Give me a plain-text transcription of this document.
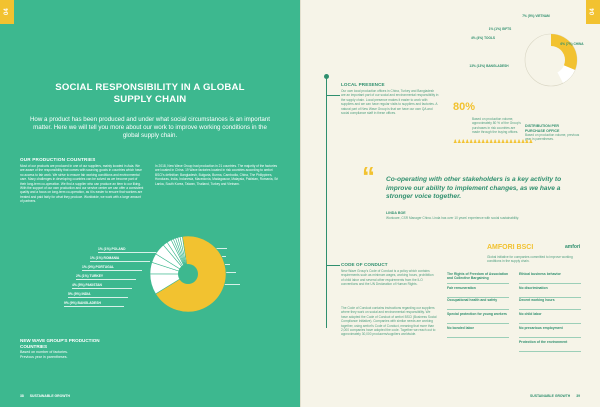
04
SOCIAL RESPONSIBILITY IN A GLOBAL
SUPPLY CHAIN
How a product has been produced and under what social circumstances is an important matter. Here we will tell you more about our work to improve working conditions in the global supply chain.
OUR PRODUCTION COUNTRIES
Most of our products are produced in one of our suppliers, mainly located in Asia. We are aware of the responsibility that comes with sourcing goods in countries which have no access to fair work. We strive to ensure fair working conditions and environmental care. Many challenges in developing countries can be solved as we become part of their long-term co-operation. We find a supplier who can produce an item to our liking. With the support of our own production and our service center we can offer a consistent quality and a focus on long-term co-operation, as it is easier to ensure that workers are treated and paid fairly for what they produce. Worldwide, we work with a large amount of partners.
In 2018, New Wave Group had production in 21 countries. The majority of the factories are located in China. 19 Wave factories located in risk countries according to amfori BSCI's definition: Bangladesh, Bulgaria, Burma, Cambodia, China, The Philippines, Honduras, India, Indonesia, Macedonia, Madagascar, Malaysia, Pakistan, Romania, Sri Lanka, South Korea, Taiwan, Thailand, Turkey and Vietnam.
1% (1%) POLAND
1% (1%) ROMANIA
1% (0%) PORTUGAL
2% (1%) TURKEY
4% (5%) PAKISTAN
5% (5%) INDIA
9% (9%) BANGLADESH
NEW WAVE GROUP'S PRODUCTION COUNTRIES
Based on number of factories.
Previous year in parentheses.
38 SUSTAINABLE GROWTH
04
7% (5%) VIETNAM
4% (4%) TOOLS
1% (1%) GIFTS
6% (7%) CHINA
13% (13%) BANGLADESH
LOCAL PRESENCE
Our own local production offices in China, Turkey and Bangladesh are an important part of our social and environmental responsibility in the supply chain. Local presence makes it easier to work with suppliers and we can have regular visits to suppliers and factories. A natural part of New Wave Group is that we have our own QA and social compliance staff in these offices.
80%
Based on production volume, approximately 80 % of the Group's purchases in risk countries are made through the buying offices.
DISTRIBUTION PER
PURCHASE OFFICE
Based on production volume, previous year in parentheses.
♟♟♟♟♟♟♟♟♟♟♟♟♟♟♟♟♟♟♟♟
“ Co-operating with other stakeholders is a key activity to improve our ability to implement changes, as we have a stronger voice together.
LINDA BOE
Workcare, CSR Manager China. Linda has over 10 years' experience with social sustainability.
AMFORI BSCI	amfori
Global initiative for companies committed to improve working conditions in the supply chain.
CODE OF CONDUCT
New Wave Group's Code of Conduct is a policy which contains requirements such as minimum wages, working hours, prohibition of child labor and several other requirements from the ILO conventions and the UN Declaration of Human Rights.
The Code of Conduct contains instructions regarding our suppliers where they work on social and environmental responsibility. We have adopted the Code of Conduct of amfori BSCI (Business Social Compliance Initiative). Companies with similar needs are working together, using amfori's Code of Conduct, meaning that more than 2,000 companies have adopted the code. Together we reach out to approximately 30,000 producers/suppliers worldwide.
The Rights of Freedom of Association and Collective Bargaining
Fair remuneration
Occupational health and safety
Special protection for young workers
No bonded labor
Ethical business behavior
No discrimination
Decent working hours
No child labor
No precarious employment
Protection of the environment
SUSTAINABLE GROWTH 39
